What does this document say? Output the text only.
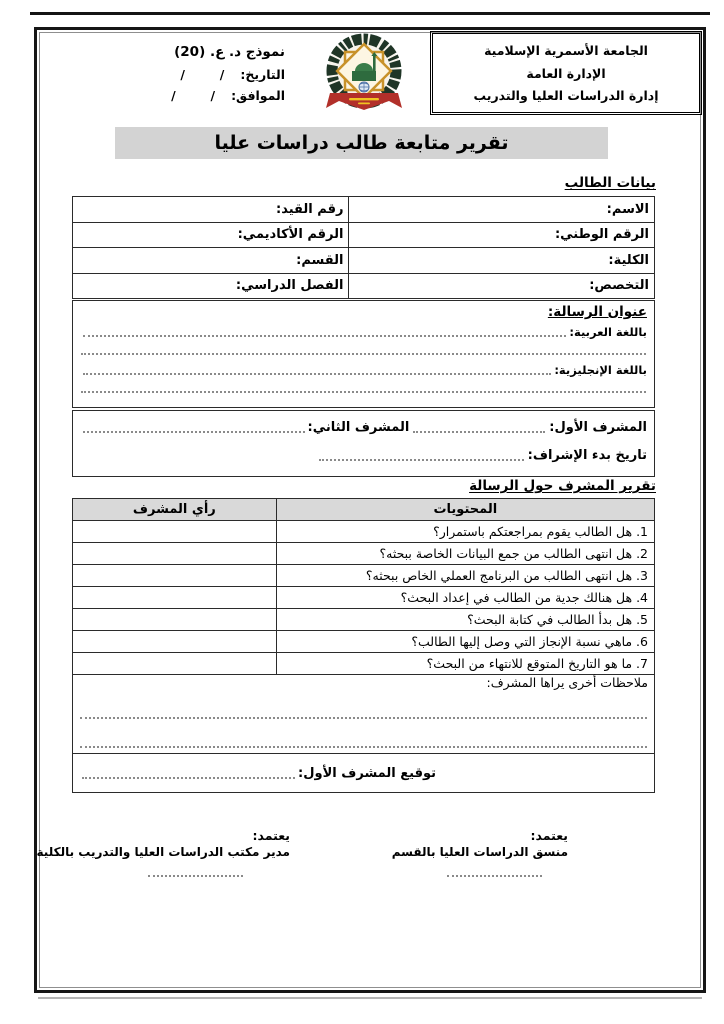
الجامعة الأسمرية الإسلامية
الإدارة العامة
إدارة الدراسات العليا والتدريب
نموذج د. ع. (20)
التاريخ:
/        /
الموافق:
/        /
تقرير متابعة طالب دراسات عليا
بيانات الطالب
الاسم:	رقم القيد:
الرقم الوطني:	الرقم الأكاديمي:
الكلية:	القسم:
التخصص:	الفصل الدراسي:
عنوان الرسالة:
باللغة العربية:
باللغة الإنجليزية:
المشرف الأول:
المشرف الثاني:
تاريخ بدء الإشراف:
تقرير المشرف حول الرسالة
المحتويات	رأي المشرف
1. هل الطالب يقوم بمراجعتكم باستمرار؟	
2. هل انتهى الطالب من جمع البيانات الخاصة ببحثه؟	
3. هل انتهى الطالب من البرنامج العملي الخاص ببحثه؟	
4. هل هنالك جدية من الطالب في إعداد البحث؟	
5. هل بدأ الطالب في كتابة البحث؟	
6. ماهي نسبة الإنجاز التي وصل إليها الطالب؟	
7. ما هو التاريخ المتوقع للانتهاء من البحث؟	

ملاحظات أخرى يراها المشرف:	

توقيع المشرف الأول:	
يعتمد:
منسق الدراسات العليا بالقسم
يعتمد:
مدير مكتب الدراسات العليا والتدريب بالكلية
